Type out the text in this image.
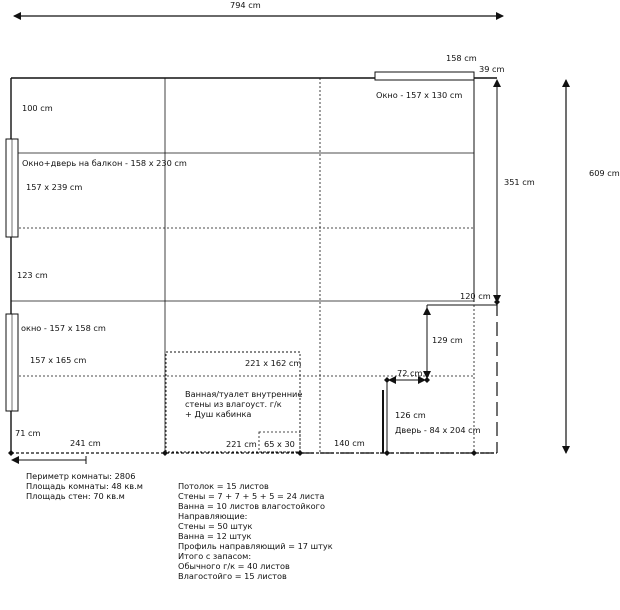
794 cm
609 cm
158 cm
39 cm
351 cm
120 cm
100 cm
123 cm
71 cm
241 cm	221 cm 65 x 30	140 cm
129 cm
72 cm
126 cm
Окно - 157 x 130 cm
Окно+дверь на балкон - 158 x 230 cm
157 x 239 cm
окно - 157 x 158 cm
157 x 165 cm	221 x 162 cm
Ванная/туалет внутренние
стены из влагоуст. г/к
+ Душ кабинка
Дверь - 84 x 204 cm
Периметр комнаты: 2806
Площадь комнаты: 48 кв.м
Площадь стен: 70 кв.м
Потолок = 15 листов
Стены = 7 + 7 + 5 + 5 = 24 листа
Ванна = 10 листов влагостойкого
Направляющие:
Стены = 50 штук
Ванна = 12 штук
Профиль направляющий = 17 штук
Итого с запасом:
Обычного г/к = 40 листов
Влагостойго = 15 листов
